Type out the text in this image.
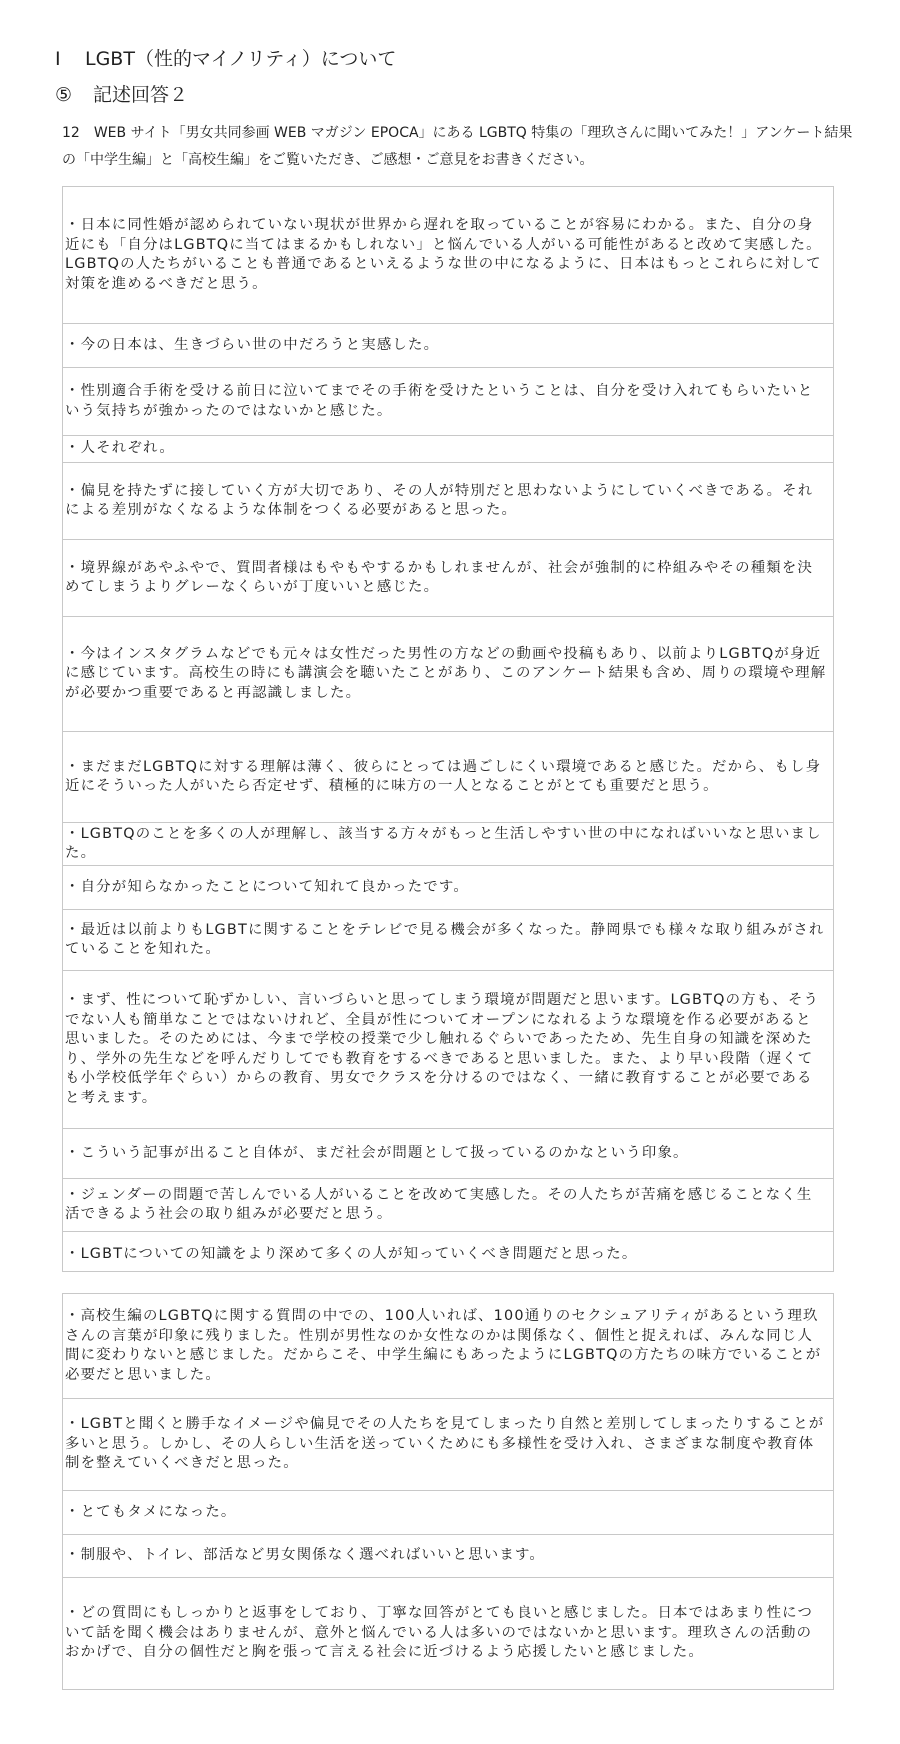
Ⅰ LGBT（性的マイノリティ）について
⑤ 記述回答２

12　 WEB サイト「男女共同参画 WEB マガジン EPOCA」にある LGBTQ 特集の「理玖さんに聞いてみた！」アンケート結果の「中学生編」と「高校生編」をご覧いただき、ご感想・ご意見をお書きください。

・日本に同性婚が認められていない現状が世界から遅れを取っていることが容易にわかる。また、自分の身近にも「自分はLGBTQに当てはまるかもしれない」と悩んでいる人がいる可能性があると改めて実感した。LGBTQの人たちがいることも普通であるといえるような世の中になるように、日本はもっとこれらに対して対策を進めるべきだと思う。
・今の日本は、生きづらい世の中だろうと実感した。
・性別適合手術を受ける前日に泣いてまでその手術を受けたということは、自分を受け入れてもらいたいという気持ちが強かったのではないかと感じた。
・人それぞれ。
・偏見を持たずに接していく方が大切であり、その人が特別だと思わないようにしていくべきである。それによる差別がなくなるような体制をつくる必要があると思った。
・境界線があやふやで、質問者様はもやもやするかもしれませんが、社会が強制的に枠組みやその種類を決めてしまうよりグレーなくらいが丁度いいと感じた。
・今はインスタグラムなどでも元々は女性だった男性の方などの動画や投稿もあり、以前よりLGBTQが身近に感じています。高校生の時にも講演会を聴いたことがあり、このアンケート結果も含め、周りの環境や理解が必要かつ重要であると再認識しました。
・まだまだLGBTQに対する理解は薄く、彼らにとっては過ごしにくい環境であると感じた。だから、もし身近にそういった人がいたら否定せず、積極的に味方の一人となることがとても重要だと思う。
・LGBTQのことを多くの人が理解し、該当する方々がもっと生活しやすい世の中になればいいなと思いました。
・自分が知らなかったことについて知れて良かったです。
・最近は以前よりもLGBTに関することをテレビで見る機会が多くなった。静岡県でも様々な取り組みがされていることを知れた。
・まず、性について恥ずかしい、言いづらいと思ってしまう環境が問題だと思います。LGBTQの方も、そうでない人も簡単なことではないけれど、全員が性についてオープンになれるような環境を作る必要があると思いました。そのためには、今まで学校の授業で少し触れるぐらいであったため、先生自身の知識を深めたり、学外の先生などを呼んだりしてでも教育をするべきであると思いました。また、より早い段階（遅くても小学校低学年ぐらい）からの教育、男女でクラスを分けるのではなく、一緒に教育することが必要であると考えます。
・こういう記事が出ること自体が、まだ社会が問題として扱っているのかなという印象。
・ジェンダーの問題で苦しんでいる人がいることを改めて実感した。その人たちが苦痛を感じることなく生活できるよう社会の取り組みが必要だと思う。
・LGBTについての知識をより深めて多くの人が知っていくべき問題だと思った。
・高校生編のLGBTQに関する質問の中での、100人いれば、100通りのセクシュアリティがあるという理玖さんの言葉が印象に残りました。性別が男性なのか女性なのかは関係なく、個性と捉えれば、みんな同じ人間に変わりないと感じました。だからこそ、中学生編にもあったようにLGBTQの方たちの味方でいることが必要だと思いました。
・LGBTと聞くと勝手なイメージや偏見でその人たちを見てしまったり自然と差別してしまったりすることが多いと思う。しかし、その人らしい生活を送っていくためにも多様性を受け入れ、さまざまな制度や教育体制を整えていくべきだと思った。
・とてもタメになった。
・制服や、トイレ、部活など男女関係なく選べればいいと思います。
・どの質問にもしっかりと返事をしており、丁寧な回答がとても良いと感じました。日本ではあまり性について話を聞く機会はありませんが、意外と悩んでいる人は多いのではないかと思います。理玖さんの活動のおかげで、自分の個性だと胸を張って言える社会に近づけるよう応援したいと感じました。
